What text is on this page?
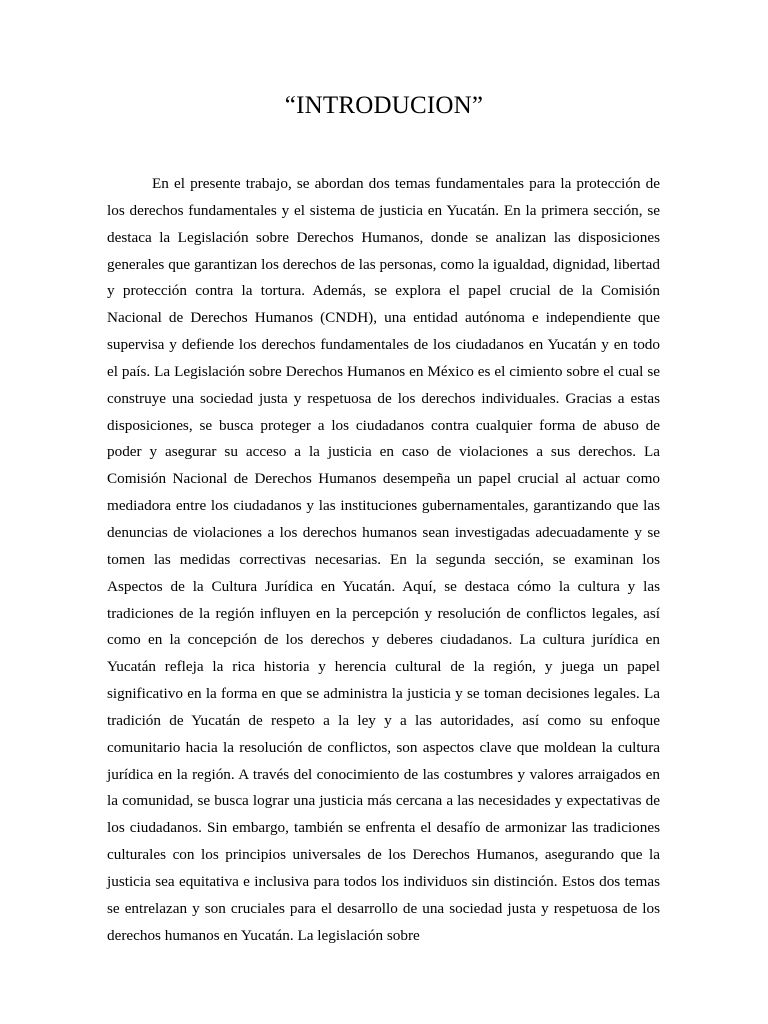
“INTRODUCION”

En el presente trabajo, se abordan dos temas fundamentales para la protección de los derechos fundamentales y el sistema de justicia en Yucatán. En la primera sección, se destaca la Legislación sobre Derechos Humanos, donde se analizan las disposiciones generales que garantizan los derechos de las personas, como la igualdad, dignidad, libertad y protección contra la tortura. Además, se explora el papel crucial de la Comisión Nacional de Derechos Humanos (CNDH), una entidad autónoma e independiente que supervisa y defiende los derechos fundamentales de los ciudadanos en Yucatán y en todo el país. La Legislación sobre Derechos Humanos en México es el cimiento sobre el cual se construye una sociedad justa y respetuosa de los derechos individuales. Gracias a estas disposiciones, se busca proteger a los ciudadanos contra cualquier forma de abuso de poder y asegurar su acceso a la justicia en caso de violaciones a sus derechos. La Comisión Nacional de Derechos Humanos desempeña un papel crucial al actuar como mediadora entre los ciudadanos y las instituciones gubernamentales, garantizando que las denuncias de violaciones a los derechos humanos sean investigadas adecuadamente y se tomen las medidas correctivas necesarias. En la segunda sección, se examinan los Aspectos de la Cultura Jurídica en Yucatán. Aquí, se destaca cómo la cultura y las tradiciones de la región influyen en la percepción y resolución de conflictos legales, así como en la concepción de los derechos y deberes ciudadanos. La cultura jurídica en Yucatán refleja la rica historia y herencia cultural de la región, y juega un papel significativo en la forma en que se administra la justicia y se toman decisiones legales. La tradición de Yucatán de respeto a la ley y a las autoridades, así como su enfoque comunitario hacia la resolución de conflictos, son aspectos clave que moldean la cultura jurídica en la región. A través del conocimiento de las costumbres y valores arraigados en la comunidad, se busca lograr una justicia más cercana a las necesidades y expectativas de los ciudadanos. Sin embargo, también se enfrenta el desafío de armonizar las tradiciones culturales con los principios universales de los Derechos Humanos, asegurando que la justicia sea equitativa e inclusiva para todos los individuos sin distinción. Estos dos temas se entrelazan y son cruciales para el desarrollo de una sociedad justa y respetuosa de los derechos humanos en Yucatán. La legislación sobre
